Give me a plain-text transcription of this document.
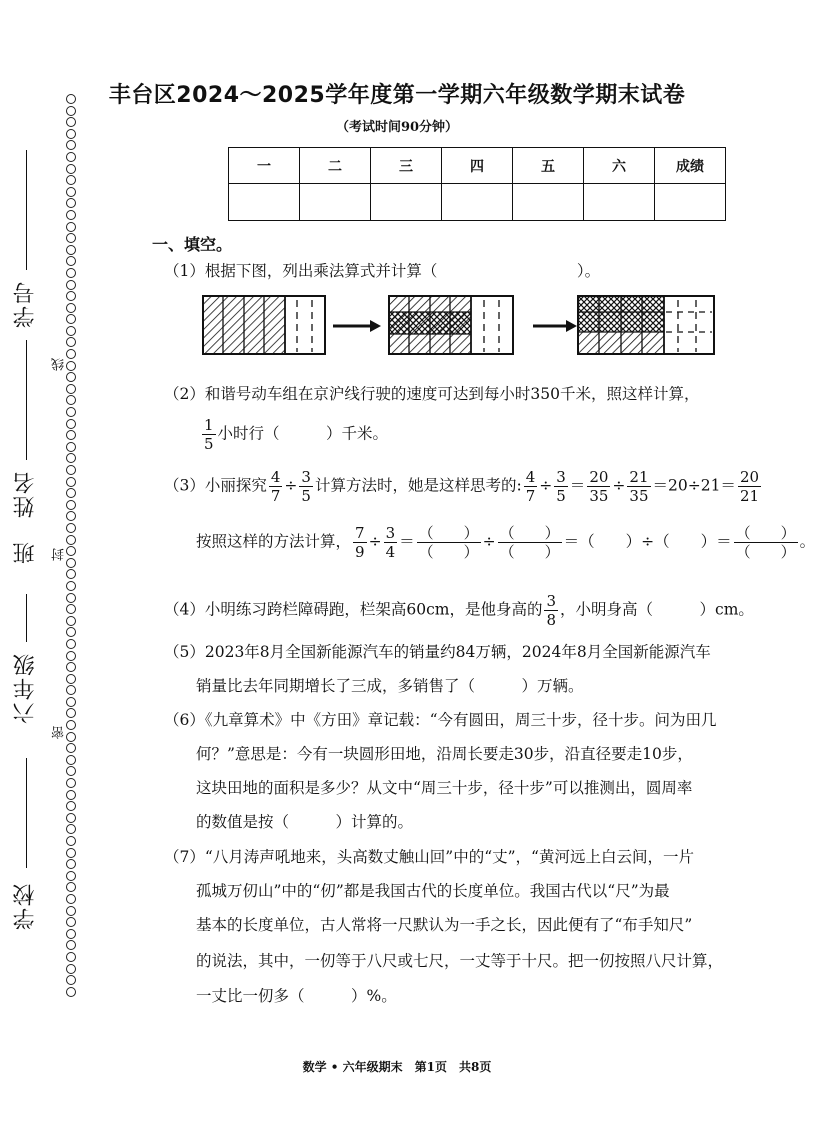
学校
六年级
班
姓名
学号
线
封
密
丰台区2024～2025学年度第一学期六年级数学期末试卷
（考试时间90分钟）
一	二	三	四	五	六	成绩

一、填空。
（1）根据下图，列出乘法算式并计算（　　　　　　　　　）。
（2）和谐号动车组在京沪线行驶的速度可达到每小时350千米，照这样计算，
$\frac{1}{5}$ 小时行（　　　）千米。
（3）小丽探究 $\frac{4}{7} \div \frac{3}{5}$ 计算方法时，她是这样思考的: $\frac{4}{7} \div \frac{3}{5} = \frac{20}{35} \div \frac{21}{35} =20\div 21= \frac{20}{21}$
按照这样的方法计算， $\frac{7}{9} \div \frac{3}{4} = \frac{( )}{( )} \div \frac{( )}{( )}$ ＝（　　）÷（　　）＝ $\frac{( )}{( )}$ 。
（4）小明练习跨栏障碍跑，栏架高60cm，是他身高的 $\frac{3}{8}$ ，小明身高（　　　）cm。
（5）2023年8月全国新能源汽车的销量约84万辆，2024年8月全国新能源汽车
销量比去年同期增长了三成，多销售了（　　　）万辆。
（6）《九章算术》中《方田》章记载：“今有圆田，周三十步，径十步。问为田几
何？”意思是：今有一块圆形田地，沿周长要走30步，沿直径要走10步，
这块田地的面积是多少？从文中“周三十步，径十步”可以推测出，圆周率
的数值是按（　　　）计算的。
（7）“八月涛声吼地来，头高数丈触山回”中的“丈”，“黄河远上白云间，一片
孤城万仞山”中的“仞”都是我国古代的长度单位。我国古代以“尺”为最
基本的长度单位，古人常将一尺默认为一手之长，因此便有了“布手知尺”
的说法，其中，一仞等于八尺或七尺，一丈等于十尺。把一仞按照八尺计算，
一丈比一仞多（　　　）%。
数学 • 六年级期末　第1页　共8页
